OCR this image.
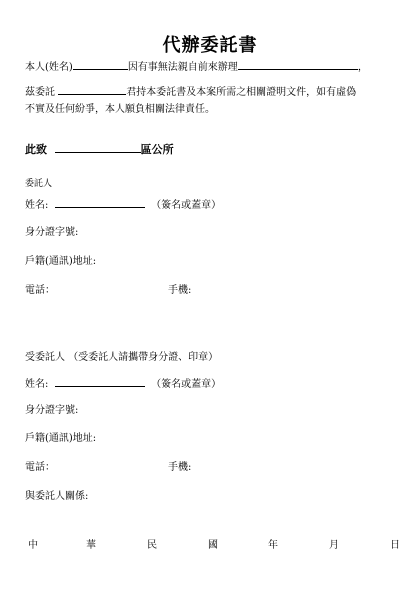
代辦委託書
本人(姓名)	因有事無法親自前來辦理	，
茲委託	君持本委託書及本案所需之相關證明文件，如有虛偽
不實及任何紛爭，本人願負相關法律責任。
此致	區公所
委託人
姓名:	（簽名或蓋章）
身分證字號:
戶籍(通訊)地址:
電話：	手機:
受委託人 （受委託人請攜帶身分證、印章）
姓名:	（簽名或蓋章）
身分證字號:
戶籍(通訊)地址:
電話：	手機:
與委託人關係:
中	華	民	國	年	月	日
